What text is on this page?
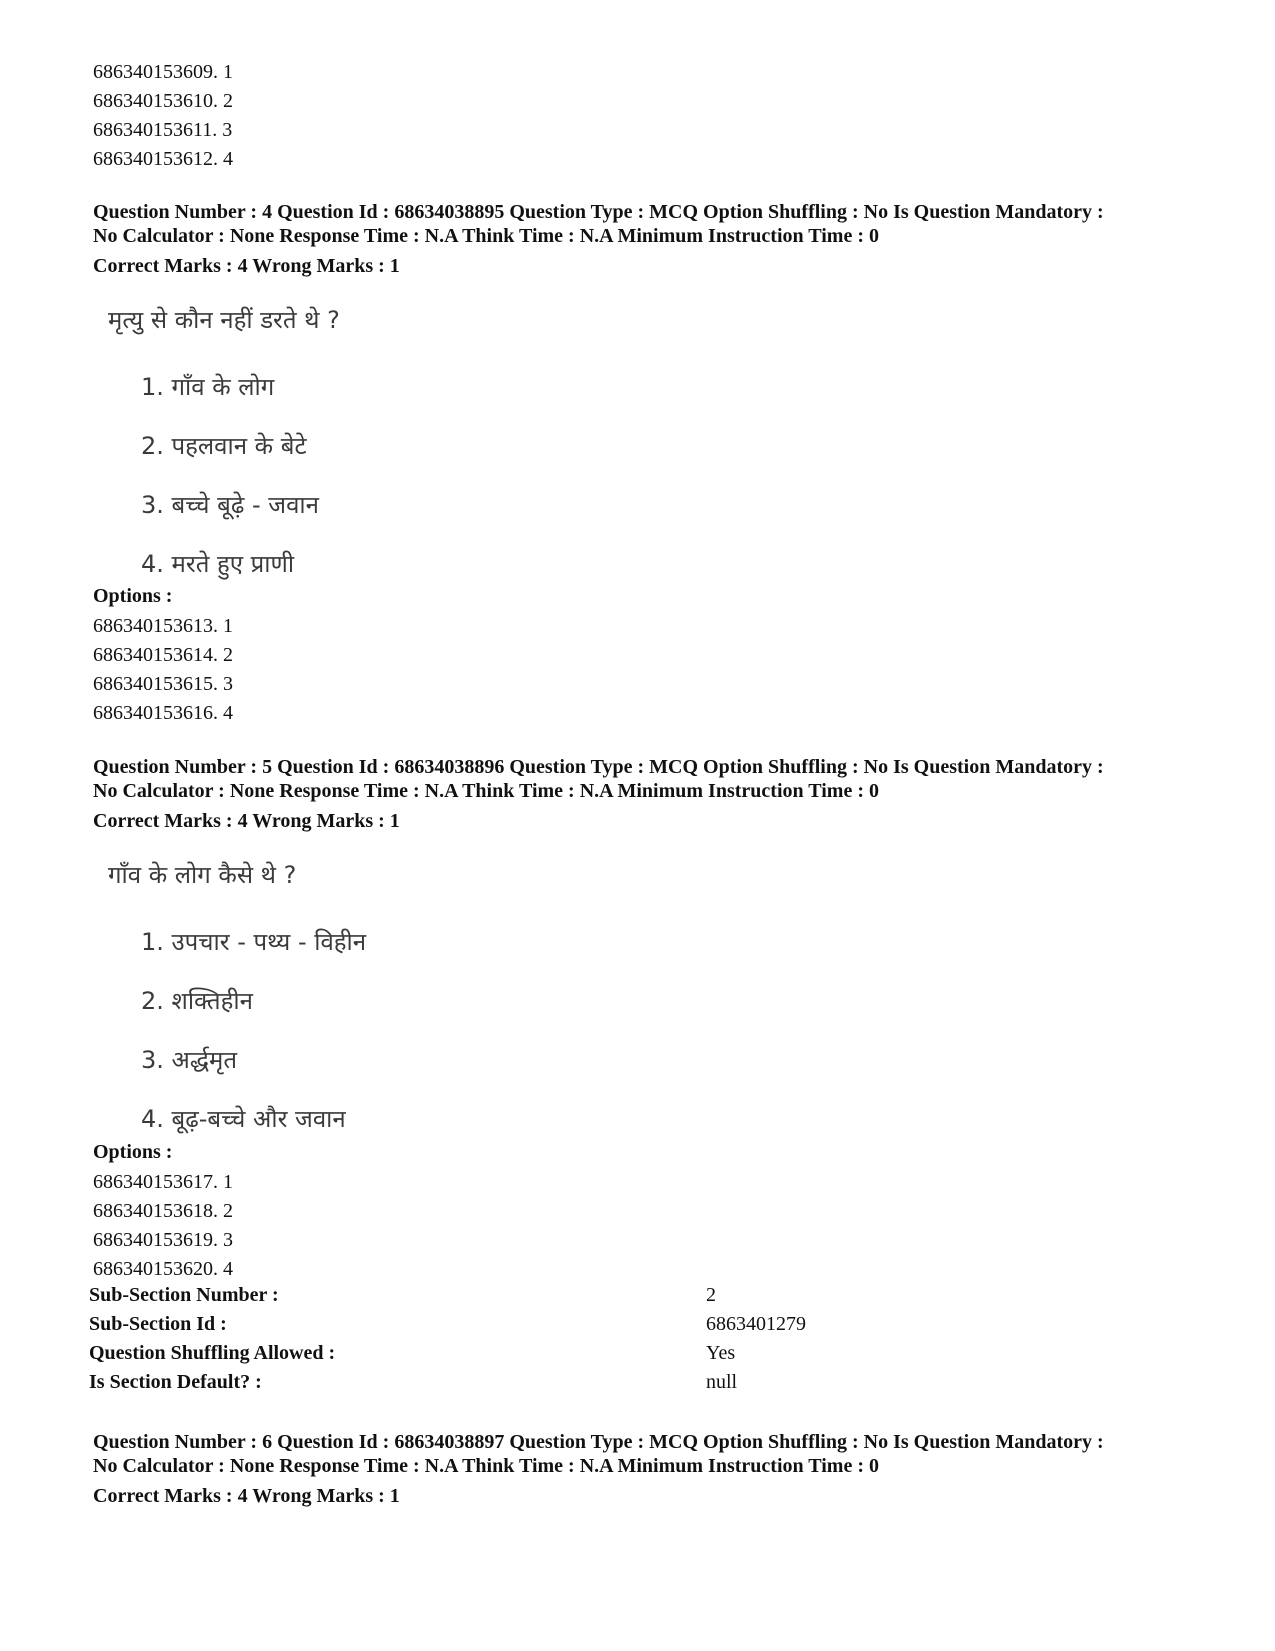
686340153609. 1
686340153610. 2
686340153611. 3
686340153612. 4

Question Number : 4 Question Id : 68634038895 Question Type : MCQ Option Shuffling : No Is Question Mandatory :

No Calculator : None Response Time : N.A Think Time : N.A Minimum Instruction Time : 0

Correct Marks : 4 Wrong Marks : 1

मृत्यु से कौन नहीं डरते थे ?
1. गाँव के लोग
2. पहलवान के बेटे
3. बच्चे बूढ़े - जवान
4. मरते हुए प्राणी
Options :
686340153613. 1
686340153614. 2
686340153615. 3
686340153616. 4

Question Number : 5 Question Id : 68634038896 Question Type : MCQ Option Shuffling : No Is Question Mandatory :

No Calculator : None Response Time : N.A Think Time : N.A Minimum Instruction Time : 0

Correct Marks : 4 Wrong Marks : 1

गाँव के लोग कैसे थे ?
1. उपचार - पथ्य - विहीन
2. शक्तिहीन
3. अर्द्धमृत
4. बूढ़-बच्चे और जवान
Options :
686340153617. 1
686340153618. 2
686340153619. 3
686340153620. 4
Sub-Section Number :	2
Sub-Section Id :	6863401279
Question Shuffling Allowed :	Yes
Is Section Default? :	null

Question Number : 6 Question Id : 68634038897 Question Type : MCQ Option Shuffling : No Is Question Mandatory :

No Calculator : None Response Time : N.A Think Time : N.A Minimum Instruction Time : 0

Correct Marks : 4 Wrong Marks : 1
